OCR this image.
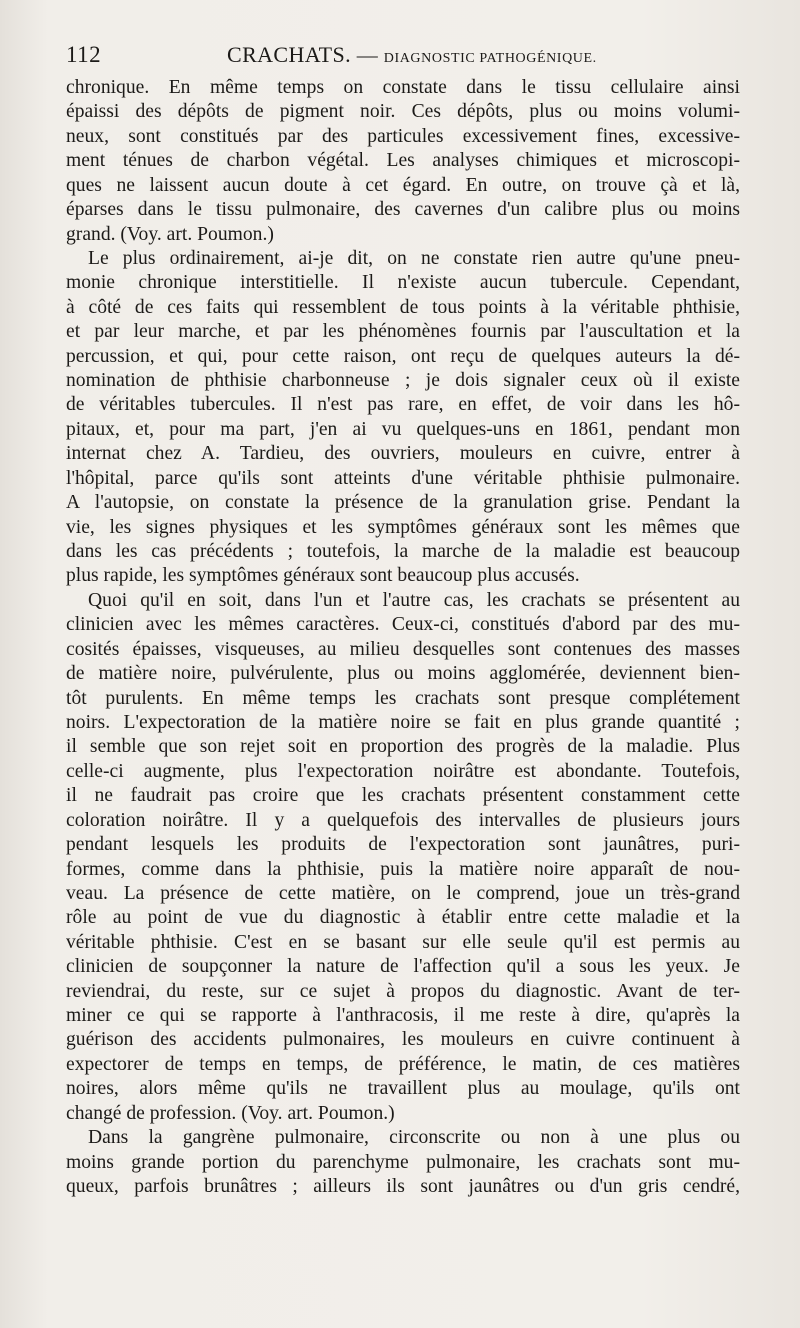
112	CRACHATS. — DIAGNOSTIC PATHOGÉNIQUE.
chronique. En même temps on constate dans le tissu cellulaire ainsi
épaissi des dépôts de pigment noir. Ces dépôts, plus ou moins volumi-
neux, sont constitués par des particules excessivement fines, excessive-
ment ténues de charbon végétal. Les analyses chimiques et microscopi-
ques ne laissent aucun doute à cet égard. En outre, on trouve çà et là,
éparses dans le tissu pulmonaire, des cavernes d'un calibre plus ou moins
grand. (Voy. art. Poumon.)
Le plus ordinairement, ai-je dit, on ne constate rien autre qu'une pneu-
monie chronique interstitielle. Il n'existe aucun tubercule. Cependant,
à côté de ces faits qui ressemblent de tous points à la véritable phthisie,
et par leur marche, et par les phénomènes fournis par l'auscultation et la
percussion, et qui, pour cette raison, ont reçu de quelques auteurs la dé-
nomination de phthisie charbonneuse ; je dois signaler ceux où il existe
de véritables tubercules. Il n'est pas rare, en effet, de voir dans les hô-
pitaux, et, pour ma part, j'en ai vu quelques-uns en 1861, pendant mon
internat chez A. Tardieu, des ouvriers, mouleurs en cuivre, entrer à
l'hôpital, parce qu'ils sont atteints d'une véritable phthisie pulmonaire.
A l'autopsie, on constate la présence de la granulation grise. Pendant la
vie, les signes physiques et les symptômes généraux sont les mêmes que
dans les cas précédents ; toutefois, la marche de la maladie est beaucoup
plus rapide, les symptômes généraux sont beaucoup plus accusés.
Quoi qu'il en soit, dans l'un et l'autre cas, les crachats se présentent au
clinicien avec les mêmes caractères. Ceux-ci, constitués d'abord par des mu-
cosités épaisses, visqueuses, au milieu desquelles sont contenues des masses
de matière noire, pulvérulente, plus ou moins agglomérée, deviennent bien-
tôt purulents. En même temps les crachats sont presque complétement
noirs. L'expectoration de la matière noire se fait en plus grande quantité ;
il semble que son rejet soit en proportion des progrès de la maladie. Plus
celle-ci augmente, plus l'expectoration noirâtre est abondante. Toutefois,
il ne faudrait pas croire que les crachats présentent constamment cette
coloration noirâtre. Il y a quelquefois des intervalles de plusieurs jours
pendant lesquels les produits de l'expectoration sont jaunâtres, puri-
formes, comme dans la phthisie, puis la matière noire apparaît de nou-
veau. La présence de cette matière, on le comprend, joue un très-grand
rôle au point de vue du diagnostic à établir entre cette maladie et la
véritable phthisie. C'est en se basant sur elle seule qu'il est permis au
clinicien de soupçonner la nature de l'affection qu'il a sous les yeux. Je
reviendrai, du reste, sur ce sujet à propos du diagnostic. Avant de ter-
miner ce qui se rapporte à l'anthracosis, il me reste à dire, qu'après la
guérison des accidents pulmonaires, les mouleurs en cuivre continuent à
expectorer de temps en temps, de préférence, le matin, de ces matières
noires, alors même qu'ils ne travaillent plus au moulage, qu'ils ont
changé de profession. (Voy. art. Poumon.)
Dans la gangrène pulmonaire, circonscrite ou non à une plus ou
moins grande portion du parenchyme pulmonaire, les crachats sont mu-
queux, parfois brunâtres ; ailleurs ils sont jaunâtres ou d'un gris cendré,
